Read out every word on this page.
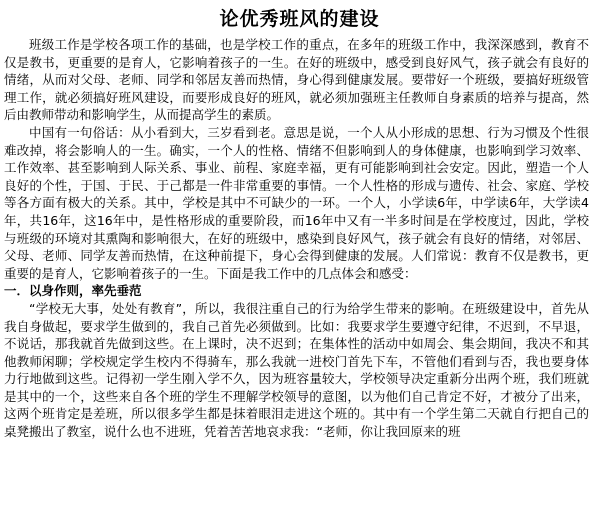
论优秀班风的建设

班级工作是学校各项工作的基础，也是学校工作的重点，在多年的班级工作中，我深深感到，教育不仅是教书，更重要的是育人，它影响着孩子的一生。在好的班级中，感受到良好风气，孩子就会有良好的情绪，从而对父母、老师、同学和邻居友善而热情，身心得到健康发展。要带好一个班级，要搞好班级管理工作，就必须搞好班风建设，而要形成良好的班风，就必须加强班主任教师自身素质的培养与提高，然后由教师带动和影响学生，从而提高学生的素质。

中国有一句俗话：从小看到大，三岁看到老。意思是说，一个人从小形成的思想、行为习惯及个性很难改掉，将会影响人的一生。确实，一个人的性格、情绪不但影响到人的身体健康，也影响到学习效率、工作效率、甚至影响到人际关系、事业、前程、家庭幸福，更有可能影响到社会安定。因此，塑造一个人良好的个性，于国、于民、于己都是一件非常重要的事情。一个人性格的形成与遗传、社会、家庭、学校等各方面有极大的关系。其中，学校是其中不可缺少的一环。一个人，小学读6年，中学读6年，大学读4年，共16年，这16年中，是性格形成的重要阶段，而16年中又有一半多时间是在学校度过，因此，学校与班级的环境对其熏陶和影响很大，在好的班级中，感染到良好风气，孩子就会有良好的情绪，对邻居、父母、老师、同学友善而热情，在这种前提下，身心会得到健康的发展。人们常说：教育不仅是教书，更重要的是育人，它影响着孩子的一生。下面是我工作中的几点体会和感受：

一．以身作则，率先垂范

“学校无大事，处处有教育”，所以，我很注重自己的行为给学生带来的影响。在班级建设中，首先从我自身做起，要求学生做到的，我自己首先必须做到。比如：我要求学生要遵守纪律，不迟到，不早退，不说话，那我就首先做到这些。在上课时，决不迟到；在集体性的活动中如周会、集会期间，我决不和其他教师闲聊；学校规定学生校内不得骑车，那么我就一进校门首先下车，不管他们看到与否，我也要身体力行地做到这些。记得初一学生刚入学不久，因为班容量较大，学校领导决定重新分出两个班，我们班就是其中的一个，这些来自各个班的学生不理解学校领导的意图，以为他们自己肯定不好，才被分了出来，这两个班肯定是差班，所以很多学生都是抹着眼泪走进这个班的。其中有一个学生第二天就自行把自己的桌凳搬出了教室，说什么也不进班，凭着苦苦地哀求我：“老师，你让我回原来的班
